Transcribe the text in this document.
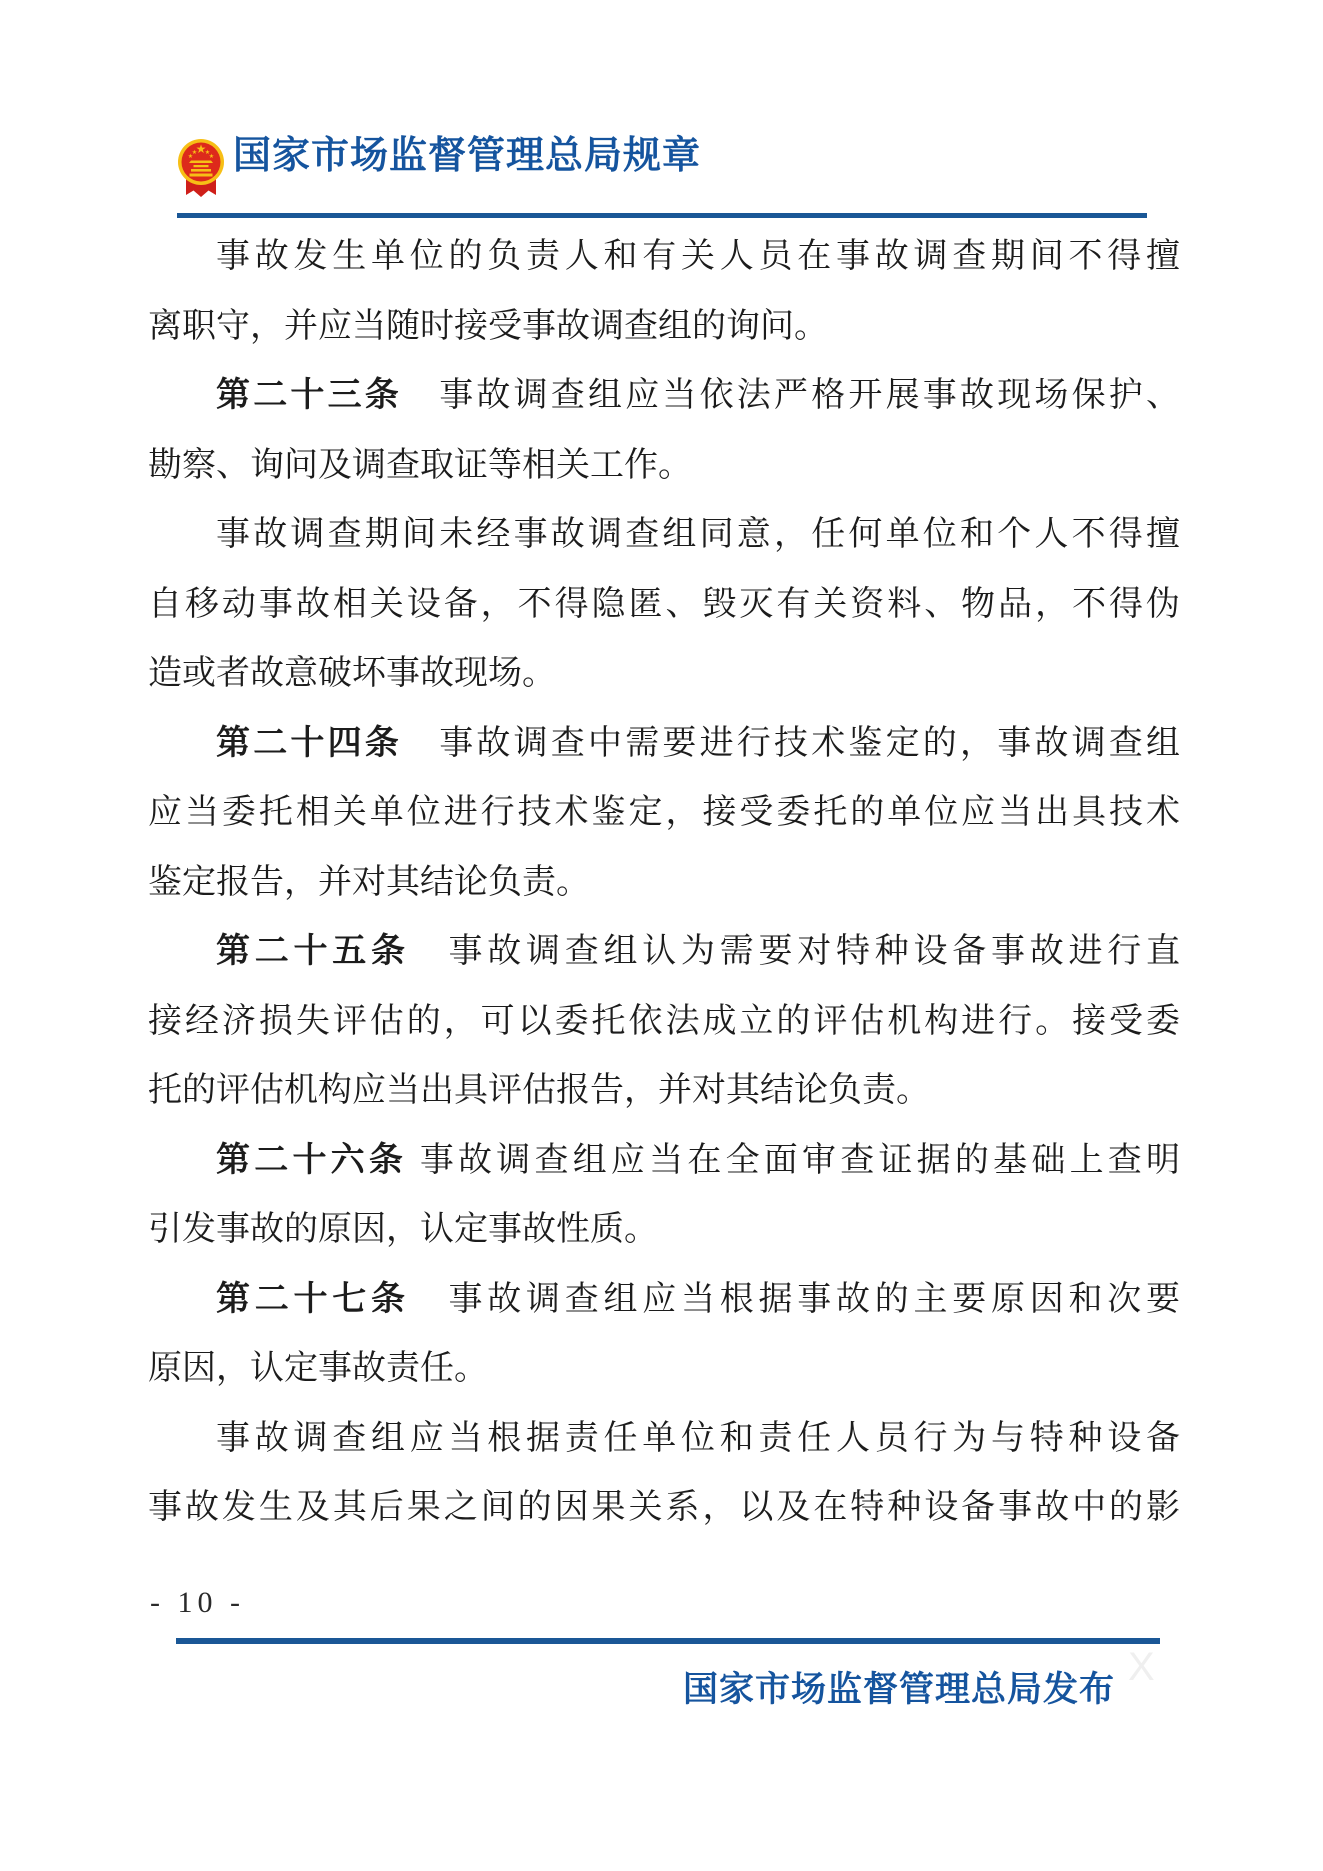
★
★	★
★ ★ 国家市场监督管理总局规章
事故发生单位的负责人和有关人员在事故调查期间不得擅
离职守，并应当随时接受事故调查组的询问。
第二十三条　事故调查组应当依法严格开展事故现场保护、
勘察、询问及调查取证等相关工作。
事故调查期间未经事故调查组同意，任何单位和个人不得擅
自移动事故相关设备，不得隐匿、毁灭有关资料、物品，不得伪
造或者故意破坏事故现场。
第二十四条　事故调查中需要进行技术鉴定的，事故调查组
应当委托相关单位进行技术鉴定，接受委托的单位应当出具技术
鉴定报告，并对其结论负责。
第二十五条　事故调查组认为需要对特种设备事故进行直
接经济损失评估的，可以委托依法成立的评估机构进行。接受委
托的评估机构应当出具评估报告，并对其结论负责。
第二十六条 事故调查组应当在全面审查证据的基础上查明
引发事故的原因，认定事故性质。
第二十七条　事故调查组应当根据事故的主要原因和次要
原因，认定事故责任。
事故调查组应当根据责任单位和责任人员行为与特种设备
事故发生及其后果之间的因果关系，以及在特种设备事故中的影
- 10 -
X
国家市场监督管理总局发布
